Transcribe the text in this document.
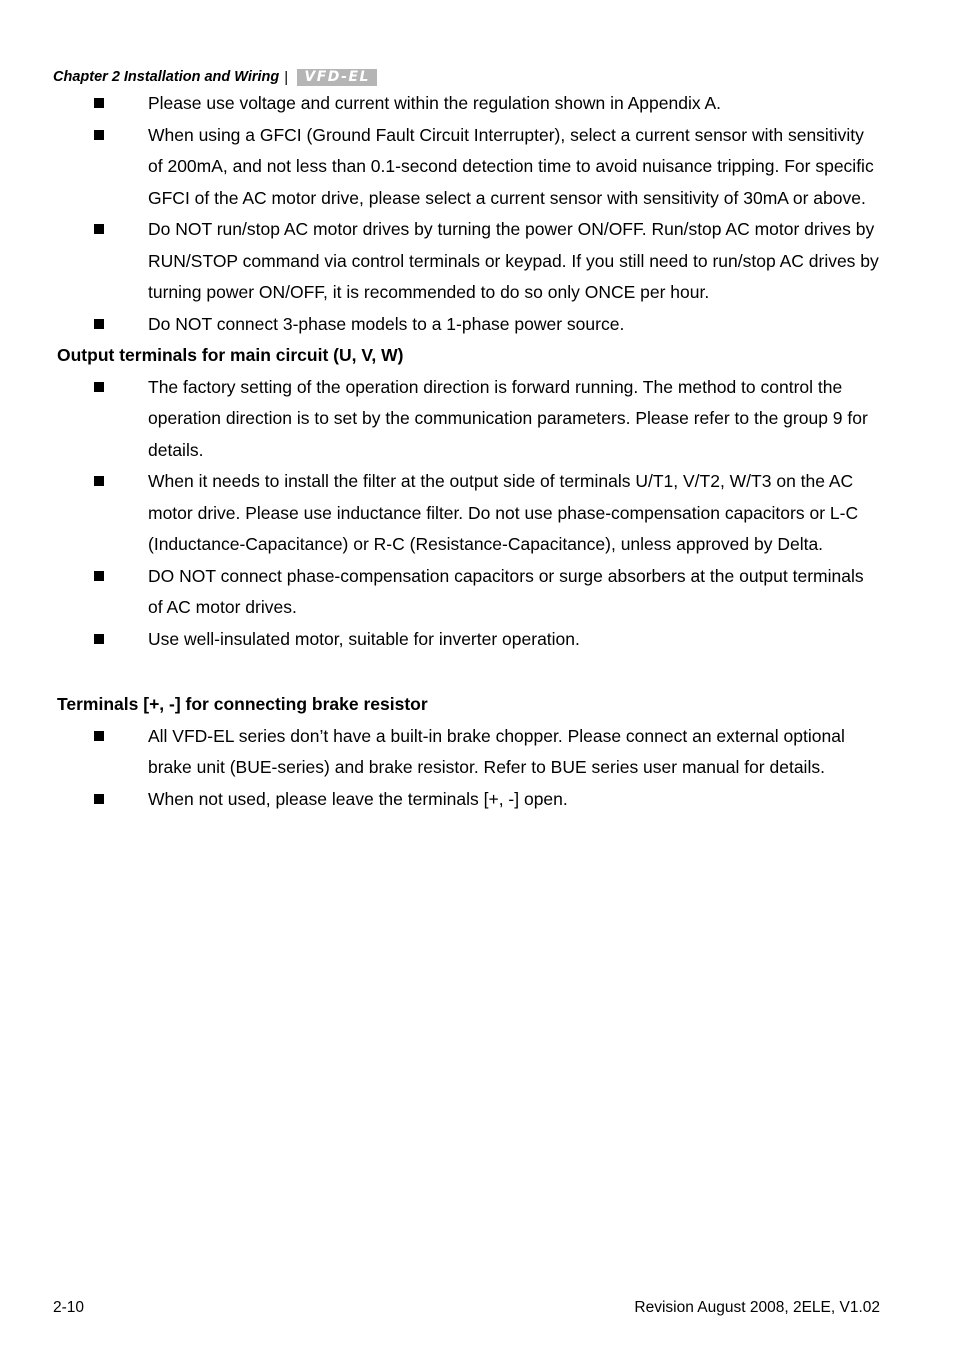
Chapter 2 Installation and Wiring | VFD-EL
Please use voltage and current within the regulation shown in Appendix A.
When using a GFCI (Ground Fault Circuit Interrupter), select a current sensor with sensitivity of 200mA, and not less than 0.1-second detection time to avoid nuisance tripping. For specific GFCI of the AC motor drive, please select a current sensor with sensitivity of 30mA or above.
Do NOT run/stop AC motor drives by turning the power ON/OFF. Run/stop AC motor drives by RUN/STOP command via control terminals or keypad. If you still need to run/stop AC drives by turning power ON/OFF, it is recommended to do so only ONCE per hour.
Do NOT connect 3-phase models to a 1-phase power source.
Output terminals for main circuit (U, V, W)
The factory setting of the operation direction is forward running. The method to control the operation direction is to set by the communication parameters. Please refer to the group 9 for details.
When it needs to install the filter at the output side of terminals U/T1, V/T2, W/T3 on the AC motor drive. Please use inductance filter. Do not use phase-compensation capacitors or L-C (Inductance-Capacitance) or R-C (Resistance-Capacitance), unless approved by Delta.
DO NOT connect phase-compensation capacitors or surge absorbers at the output terminals of AC motor drives.
Use well-insulated motor, suitable for inverter operation.
Terminals [+, -] for connecting brake resistor
All VFD-EL series don’t have a built-in brake chopper. Please connect an external optional brake unit (BUE-series) and brake resistor. Refer to BUE series user manual for details.
When not used, please leave the terminals [+, -] open.
2-10	Revision August 2008, 2ELE, V1.02
